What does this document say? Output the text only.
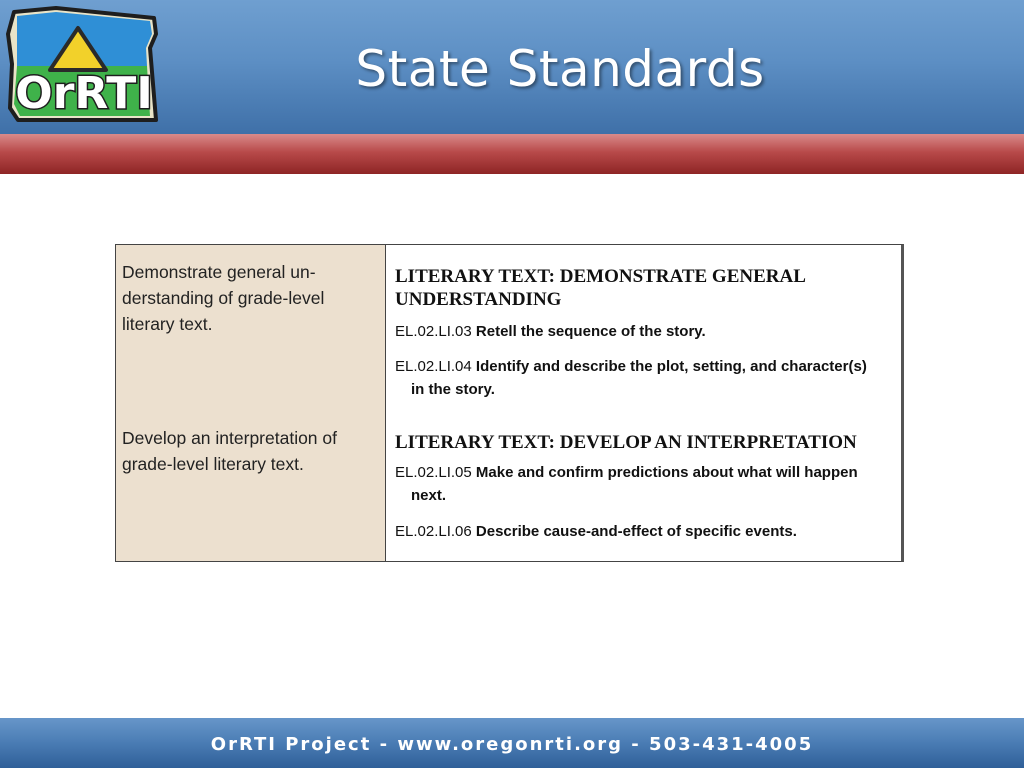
OrRTI	State Standards
Demonstrate general un-derstanding of grade-level literary text.
Develop an interpretation of grade-level literary text.
LITERARY TEXT: DEMONSTRATE GENERAL UNDERSTANDING
EL.02.LI.03 Retell the sequence of the story.
EL.02.LI.04 Identify and describe the plot, setting, and character(s) in the story.
LITERARY TEXT: DEVELOP AN INTERPRETATION
EL.02.LI.05 Make and confirm predictions about what will happen next.
EL.02.LI.06 Describe cause-and-effect of specific events.
OrRTI Project - www.oregonrti.org - 503-431-4005
